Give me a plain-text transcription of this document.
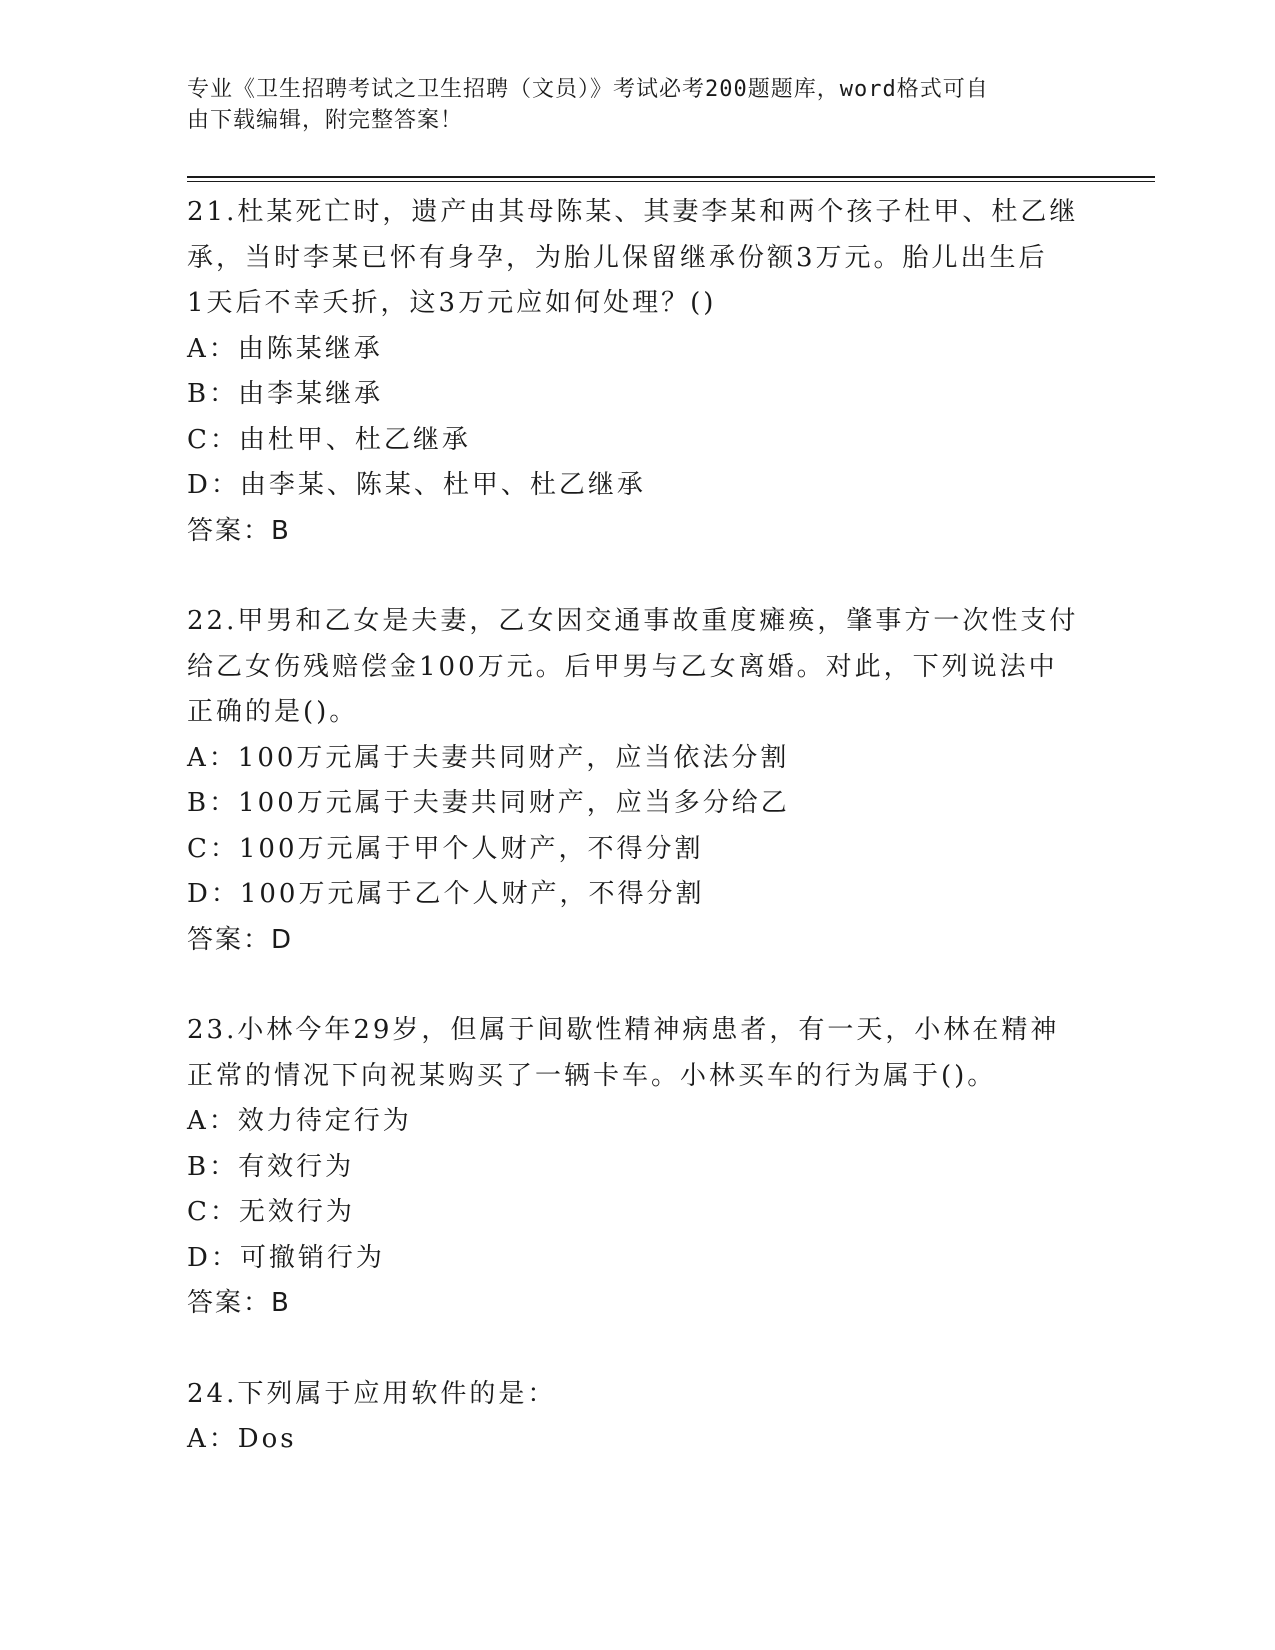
专业《卫生招聘考试之卫生招聘（文员）》考试必考200题题库，word格式可自
由下载编辑，附完整答案！
21.杜某死亡时，遗产由其母陈某、其妻李某和两个孩子杜甲、杜乙继
承，当时李某已怀有身孕，为胎儿保留继承份额3万元。胎儿出生后
1天后不幸夭折，这3万元应如何处理？()
A：由陈某继承
B：由李某继承
C：由杜甲、杜乙继承
D：由李某、陈某、杜甲、杜乙继承
答案：B
22.甲男和乙女是夫妻，乙女因交通事故重度瘫痪，肇事方一次性支付
给乙女伤残赔偿金100万元。后甲男与乙女离婚。对此，下列说法中
正确的是()。
A：100万元属于夫妻共同财产，应当依法分割
B：100万元属于夫妻共同财产，应当多分给乙
C：100万元属于甲个人财产，不得分割
D：100万元属于乙个人财产，不得分割
答案：D
23.小林今年29岁，但属于间歇性精神病患者，有一天，小林在精神
正常的情况下向祝某购买了一辆卡车。小林买车的行为属于()。
A：效力待定行为
B：有效行为
C：无效行为
D：可撤销行为
答案：B
24.下列属于应用软件的是：
A：Dos
